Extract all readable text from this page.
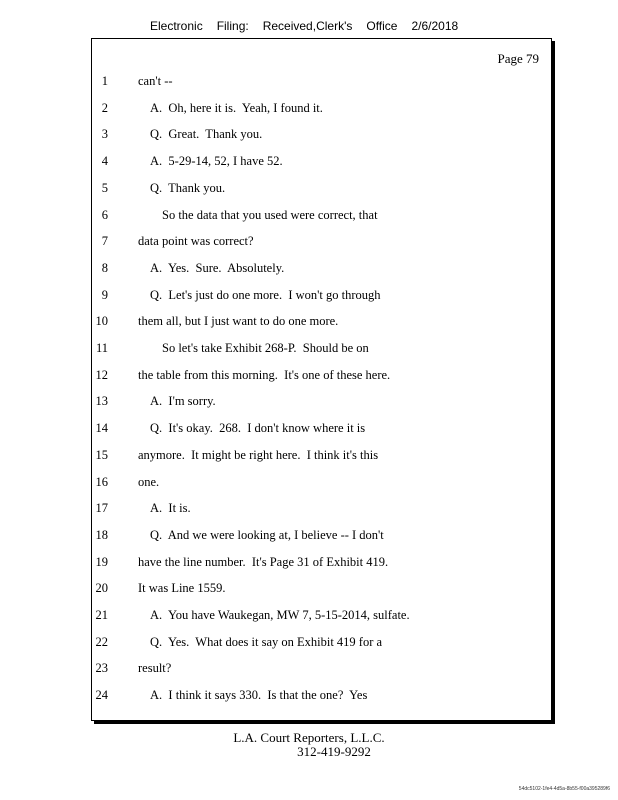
Electronic Filing: Received,Clerk's Office 2/6/2018
Page 79
1 can't --
2	A.  Oh, here it is.  Yeah, I found it.
3	Q.  Great.  Thank you.
4	A.  5-29-14, 52, I have 52.
5	Q.  Thank you.
6	So the data that you used were correct, that
7 data point was correct?
8	A.  Yes.  Sure.  Absolutely.
9	Q.  Let's just do one more.  I won't go through
10 them all, but I just want to do one more.
11	So let's take Exhibit 268-P.  Should be on
12 the table from this morning.  It's one of these here.
13	A.  I'm sorry.
14	Q.  It's okay.  268.  I don't know where it is
15 anymore.  It might be right here.  I think it's this
16 one.
17	A.  It is.
18	Q.  And we were looking at, I believe -- I don't
19 have the line number.  It's Page 31 of Exhibit 419.
20 It was Line 1559.
21	A.  You have Waukegan, MW 7, 5-15-2014, sulfate.
22	Q.  Yes.  What does it say on Exhibit 419 for a
23 result?
24	A.  I think it says 330.  Is that the one?  Yes
L.A. Court Reporters, L.L.C.
312-419-9292
54dc5102-1fe4-4d5a-8b55-f00a395289f6
